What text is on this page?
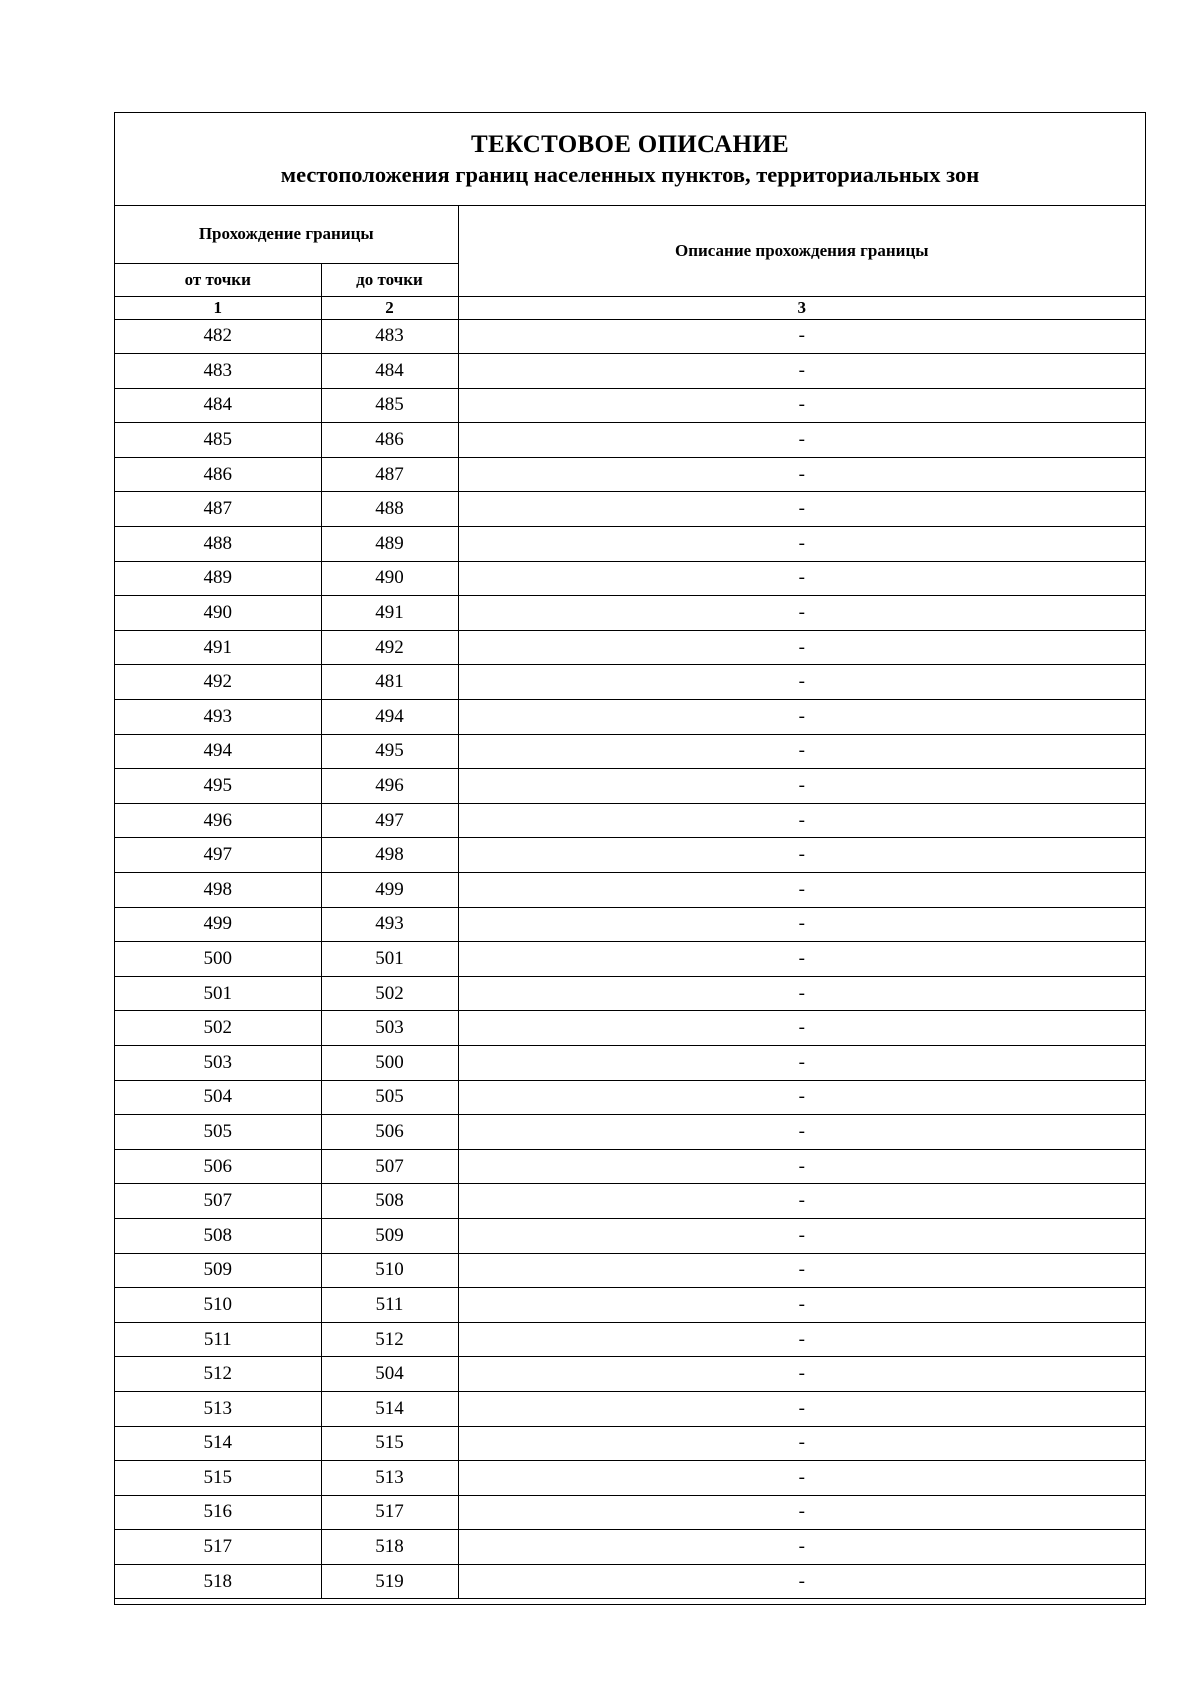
ТЕКСТОВОЕ ОПИСАНИЕ
местоположения границ населенных пунктов, территориальных зон
Прохождение границы		Описание прохождения границы
от точки	до точки	
1	2	3
482	483	-
483	484	-
484	485	-
485	486	-
486	487	-
487	488	-
488	489	-
489	490	-
490	491	-
491	492	-
492	481	-
493	494	-
494	495	-
495	496	-
496	497	-
497	498	-
498	499	-
499	493	-
500	501	-
501	502	-
502	503	-
503	500	-
504	505	-
505	506	-
506	507	-
507	508	-
508	509	-
509	510	-
510	511	-
511	512	-
512	504	-
513	514	-
514	515	-
515	513	-
516	517	-
517	518	-
518	519	-
